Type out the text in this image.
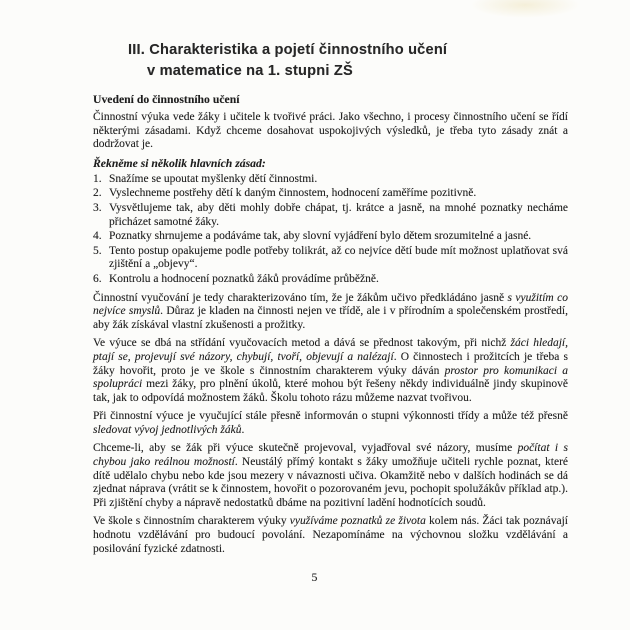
III. Charakteristika a pojetí činnostního učení
v matematice na 1. stupni ZŠ
Uvedení do činnostního učení

Činnostní výuka vede žáky i učitele k tvořivé práci. Jako všechno, i procesy činnostního učení se řídí některými zásadami. Když chceme dosahovat uspokojivých výsledků, je třeba tyto zásady znát a dodržovat je.

Řekněme si několik hlavních zásad:
1. Snažíme se upoutat myšlenky dětí činnostmi.
2. Vyslechneme postřehy dětí k daným činnostem, hodnocení zaměříme pozitivně.
3. Vysvětlujeme tak, aby děti mohly dobře chápat, tj. krátce a jasně, na mnohé poznatky necháme přicházet samotné žáky.
4. Poznatky shrnujeme a podáváme tak, aby slovní vyjádření bylo dětem srozumitelné a jasné.
5. Tento postup opakujeme podle potřeby tolikrát, až co nejvíce dětí bude mít možnost uplatňovat svá zjištění a „objevy“.
6. Kontrolu a hodnocení poznatků žáků provádíme průběžně.

Činnostní vyučování je tedy charakterizováno tím, že je žákům učivo předkládáno jasně s využitím co nejvíce smyslů. Důraz je kladen na činnosti nejen ve třídě, ale i v přírodním a společenském prostředí, aby žák získával vlastní zkušenosti a prožitky.

Ve výuce se dbá na střídání vyučovacích metod a dává se přednost takovým, při nichž žáci hledají, ptají se, projevují své názory, chybují, tvoří, objevují a nalézají. O činnostech i prožitcích je třeba s žáky hovořit, proto je ve škole s činnostním charakterem výuky dáván prostor pro komunikaci a spolupráci mezi žáky, pro plnění úkolů, které mohou být řešeny někdy individuálně jindy skupinově tak, jak to odpovídá možnostem žáků. Školu tohoto rázu můžeme nazvat tvořivou.

Při činnostní výuce je vyučující stále přesně informován o stupni výkonnosti třídy a může též přesně sledovat vývoj jednotlivých žáků.

Chceme-li, aby se žák při výuce skutečně projevoval, vyjadřoval své názory, musíme počítat i s chybou jako reálnou možností. Neustálý přímý kontakt s žáky umožňuje učiteli rychle poznat, které dítě udělalo chybu nebo kde jsou mezery v návaznosti učiva. Okamžitě nebo v dalších hodinách se dá zjednat náprava (vrátit se k činnostem, hovořit o pozorovaném jevu, pochopit spolužákův příklad atp.). Při zjištění chyby a nápravě nedostatků dbáme na pozitivní ladění hodnotících soudů.

Ve škole s činnostním charakterem výuky využíváme poznatků ze života kolem nás. Žáci tak poznávají hodnotu vzdělávání pro budoucí povolání. Nezapomínáme na výchovnou složku vzdělávání a posilování fyzické zdatnosti.

5
